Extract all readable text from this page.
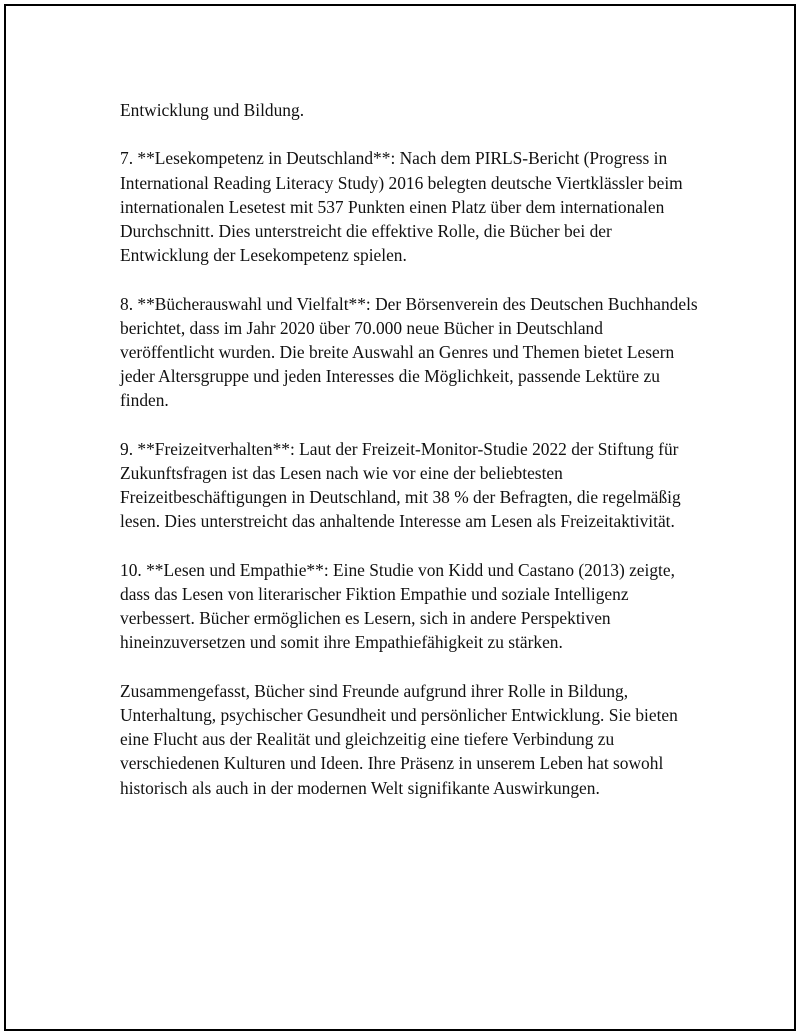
Entwicklung und Bildung.

7. **Lesekompetenz in Deutschland**: Nach dem PIRLS-Bericht (Progress in International Reading Literacy Study) 2016 belegten deutsche Viertklässler beim internationalen Lesetest mit 537 Punkten einen Platz über dem internationalen Durchschnitt. Dies unterstreicht die effektive Rolle, die Bücher bei der Entwicklung der Lesekompetenz spielen.

8. **Bücherauswahl und Vielfalt**: Der Börsenverein des Deutschen Buchhandels berichtet, dass im Jahr 2020 über 70.000 neue Bücher in Deutschland veröffentlicht wurden. Die breite Auswahl an Genres und Themen bietet Lesern jeder Altersgruppe und jeden Interesses die Möglichkeit, passende Lektüre zu finden.

9. **Freizeitverhalten**: Laut der Freizeit-Monitor-Studie 2022 der Stiftung für Zukunftsfragen ist das Lesen nach wie vor eine der beliebtesten Freizeitbeschäftigungen in Deutschland, mit 38 % der Befragten, die regelmäßig lesen. Dies unterstreicht das anhaltende Interesse am Lesen als Freizeitaktivität.

10. **Lesen und Empathie**: Eine Studie von Kidd und Castano (2013) zeigte, dass das Lesen von literarischer Fiktion Empathie und soziale Intelligenz verbessert. Bücher ermöglichen es Lesern, sich in andere Perspektiven hineinzuversetzen und somit ihre Empathiefähigkeit zu stärken.

Zusammengefasst, Bücher sind Freunde aufgrund ihrer Rolle in Bildung, Unterhaltung, psychischer Gesundheit und persönlicher Entwicklung. Sie bieten eine Flucht aus der Realität und gleichzeitig eine tiefere Verbindung zu verschiedenen Kulturen und Ideen. Ihre Präsenz in unserem Leben hat sowohl historisch als auch in der modernen Welt signifikante Auswirkungen.
